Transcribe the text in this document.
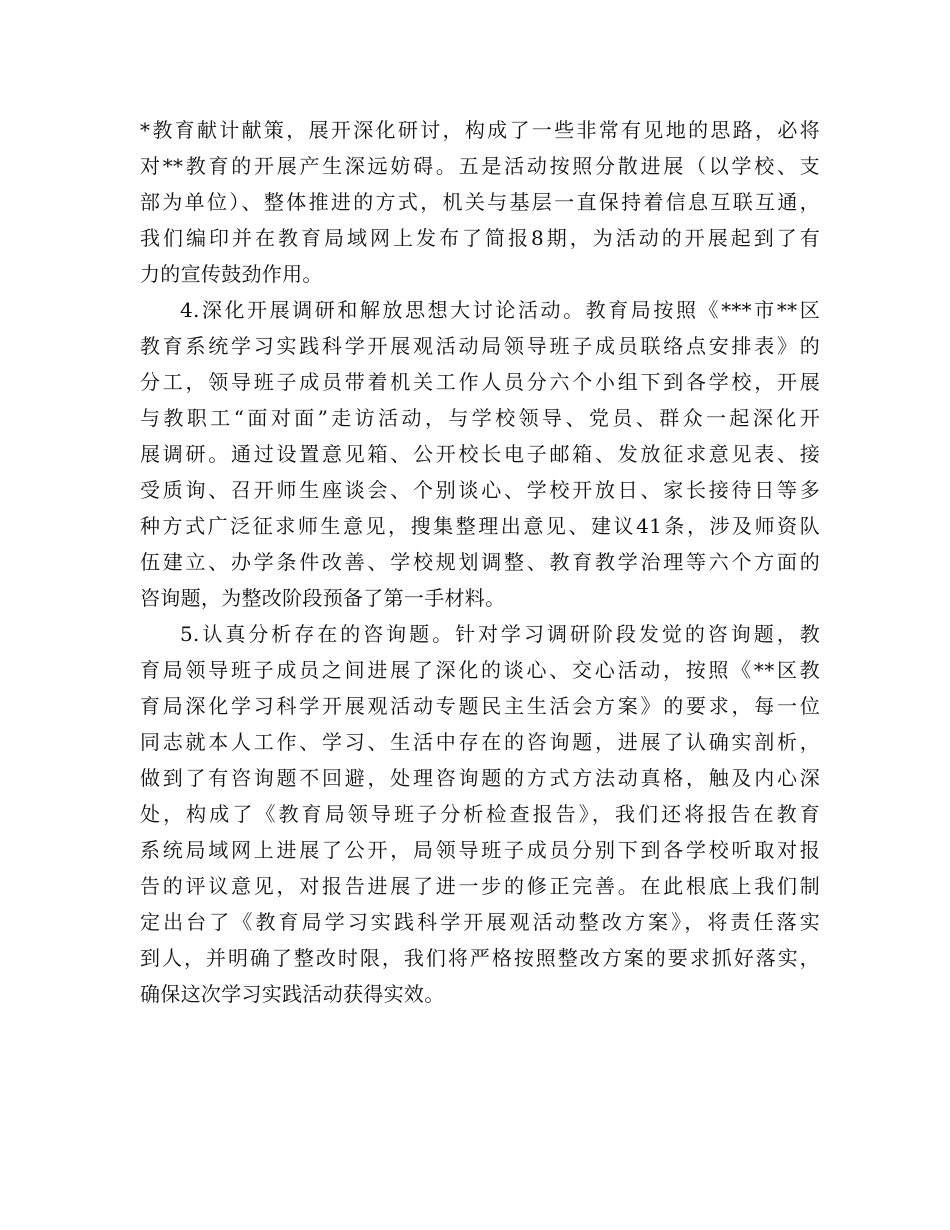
*教育献计献策，展开深化研讨，构成了一些非常有见地的思路，必将
对**教育的开展产生深远妨碍。五是活动按照分散进展（以学校、支
部为单位）、整体推进的方式，机关与基层一直保持着信息互联互通，
我们编印并在教育局域网上发布了简报8期，为活动的开展起到了有
力的宣传鼓劲作用。
4.深化开展调研和解放思想大讨论活动。教育局按照《***市**区
教育系统学习实践科学开展观活动局领导班子成员联络点安排表》的
分工，领导班子成员带着机关工作人员分六个小组下到各学校，开展
与教职工“面对面”走访活动，与学校领导、党员、群众一起深化开
展调研。通过设置意见箱、公开校长电子邮箱、发放征求意见表、接
受质询、召开师生座谈会、个别谈心、学校开放日、家长接待日等多
种方式广泛征求师生意见，搜集整理出意见、建议41条，涉及师资队
伍建立、办学条件改善、学校规划调整、教育教学治理等六个方面的
咨询题，为整改阶段预备了第一手材料。
5.认真分析存在的咨询题。针对学习调研阶段发觉的咨询题，教
育局领导班子成员之间进展了深化的谈心、交心活动，按照《**区教
育局深化学习科学开展观活动专题民主生活会方案》的要求，每一位
同志就本人工作、学习、生活中存在的咨询题，进展了认确实剖析，
做到了有咨询题不回避，处理咨询题的方式方法动真格，触及内心深
处，构成了《教育局领导班子分析检查报告》，我们还将报告在教育
系统局域网上进展了公开，局领导班子成员分别下到各学校听取对报
告的评议意见，对报告进展了进一步的修正完善。在此根底上我们制
定出台了《教育局学习实践科学开展观活动整改方案》，将责任落实
到人，并明确了整改时限，我们将严格按照整改方案的要求抓好落实，
确保这次学习实践活动获得实效。
